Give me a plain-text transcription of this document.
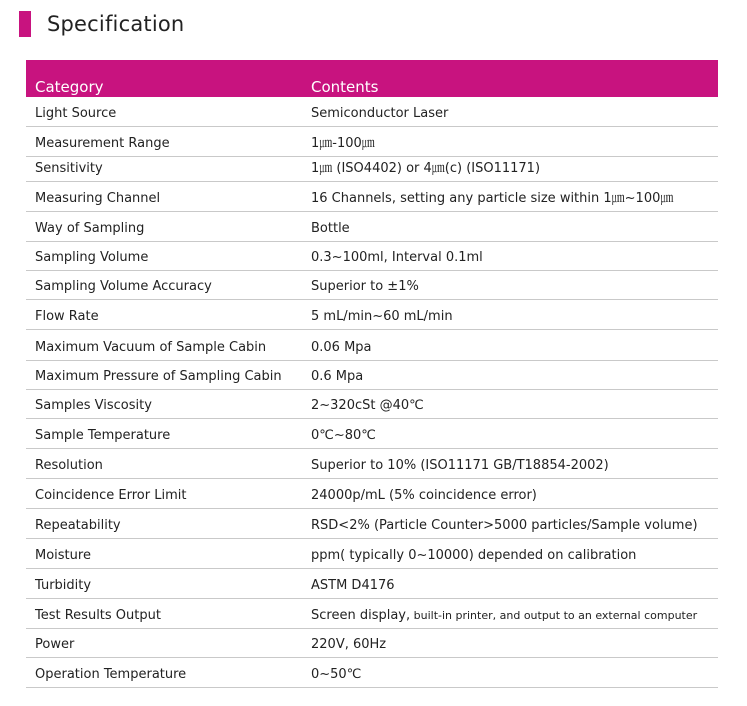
Specification
Category	Contents
Light Source	Semiconductor Laser
Measurement Range	1㎛-100㎛
Sensitivity	1㎛ (ISO4402) or 4㎛(c) (ISO11171)
Measuring Channel	16 Channels, setting any particle size within 1㎛~100㎛
Way of Sampling	Bottle
Sampling Volume	0.3~100ml, Interval 0.1ml
Sampling Volume Accuracy	Superior to ±1%
Flow Rate	5 mL/min~60 mL/min
Maximum Vacuum of Sample Cabin	0.06 Mpa
Maximum Pressure of Sampling Cabin 0.6 Mpa
Samples Viscosity	2~320cSt @40℃
Sample Temperature	0℃~80℃
Resolution	Superior to 10% (ISO11171 GB/T18854-2002)
Coincidence Error Limit	24000p/mL (5% coincidence error)
Repeatability	RSD<2% (Particle Counter>5000 particles/Sample volume)
Moisture	ppm( typically 0~10000) depended on calibration
Turbidity	ASTM D4176
Test Results Output	Screen display, built-in printer, and output to an external computer
Power	220V, 60Hz
Operation Temperature	0~50℃
